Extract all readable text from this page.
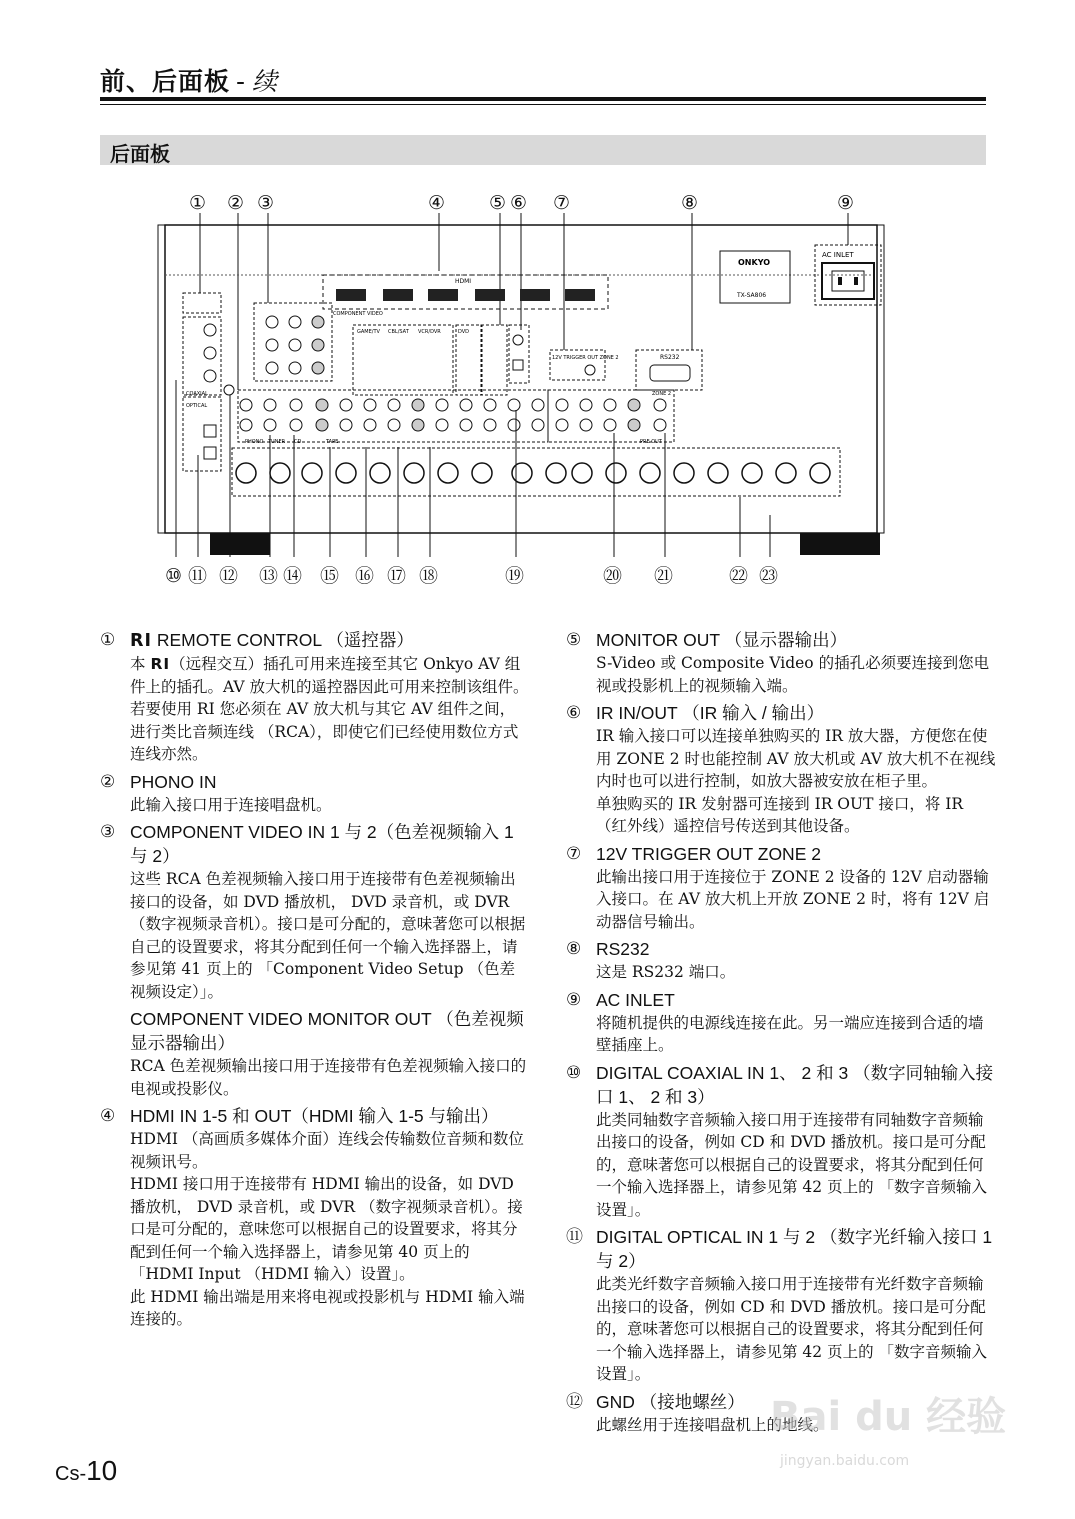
前、后面板 - 续
后面板
① ② ③	④ ⑤ ⑥ ⑦	⑧	⑨
HDMI
ONKYO
TX-SA806
AC INLET
RS232
12V TRIGGER OUT ZONE 2
COAXIAL
OPTICAL
COMPONENT VIDEO
GAME/TV CBL/SAT VCR/DVR	DVD
PHONO TUNER CD	TAPE	PRE OUT
ZONE 2
⑩ ⑪ ⑫ ⑬ ⑭ ⑮ ⑯ ⑰ ⑱	⑲	⑳ ㉑	㉒ ㉓
① RI REMOTE CONTROL （遥控器）
本 RI（远程交互）插孔可用来连接至其它 Onkyo AV 组件上的插孔。AV 放大机的遥控器因此可用来控制该组件。若要使用 RI 您必须在 AV 放大机与其它 AV 组件之间，进行类比音频连线 （RCA），即使它们已经使用数位方式连线亦然。
② PHONO IN
此输入接口用于连接唱盘机。
③ COMPONENT VIDEO IN 1 与 2（色差视频输入 1 与 2）
这些 RCA 色差视频输入接口用于连接带有色差视频输出接口的设备，如 DVD 播放机， DVD 录音机，或 DVR （数字视频录音机）。接口是可分配的，意味著您可以根据自己的设置要求，将其分配到任何一个输入选择器上，请参见第 41 页上的 「Component Video Setup （色差视频设定）」。
COMPONENT VIDEO MONITOR OUT （色差视频显示器输出）
RCA 色差视频输出接口用于连接带有色差视频输入接口的电视或投影仪。
④ HDMI IN 1-5 和 OUT（HDMI 输入 1-5 与输出）
HDMI （高画质多媒体介面）连线会传输数位音频和数位视频讯号。
HDMI 接口用于连接带有 HDMI 输出的设备，如 DVD 播放机， DVD 录音机，或 DVR （数字视频录音机）。接口是可分配的，意味您可以根据自己的设置要求，将其分配到任何一个输入选择器上，请参见第 40 页上的 「HDMI Input （HDMI 输入）设置」。
此 HDMI 输出端是用来将电视或投影机与 HDMI 输入端连接的。
⑤ MONITOR OUT （显示器输出）
S-Video 或 Composite Video 的插孔必须要连接到您电视或投影机上的视频输入端。
⑥ IR IN/OUT （IR 输入 / 输出）
IR 输入接口可以连接单独购买的 IR 放大器，方便您在使用 ZONE 2 时也能控制 AV 放大机或 AV 放大机不在视线内时也可以进行控制，如放大器被安放在柜子里。
单独购买的 IR 发射器可连接到 IR OUT 接口，将 IR （红外线）遥控信号传送到其他设备。
⑦ 12V TRIGGER OUT ZONE 2
此输出接口用于连接位于 ZONE 2 设备的 12V 启动器输入接口。在 AV 放大机上开放 ZONE 2 时，将有 12V 启动器信号输出。
⑧ RS232
这是 RS232 端口。
⑨ AC INLET
将随机提供的电源线连接在此。另一端应连接到合适的墙壁插座上。
⑩ DIGITAL COAXIAL IN 1、 2 和 3 （数字同轴输入接口 1、 2 和 3）
此类同轴数字音频输入接口用于连接带有同轴数字音频输出接口的设备，例如 CD 和 DVD 播放机。接口是可分配的，意味著您可以根据自己的设置要求，将其分配到任何一个输入选择器上，请参见第 42 页上的 「数字音频输入设置」。
⑪ DIGITAL OPTICAL IN 1 与 2 （数字光纤输入接口 1 与 2）
此类光纤数字音频输入接口用于连接带有光纤数字音频输出接口的设备，例如 CD 和 DVD 播放机。接口是可分配的，意味著您可以根据自己的设置要求，将其分配到任何一个输入选择器上，请参见第 42 页上的 「数字音频输入设置」。
⑫ GND （接地螺丝）
此螺丝用于连接唱盘机上的地线。
Cs-10
Bai du 经验
jingyan.baidu.com
